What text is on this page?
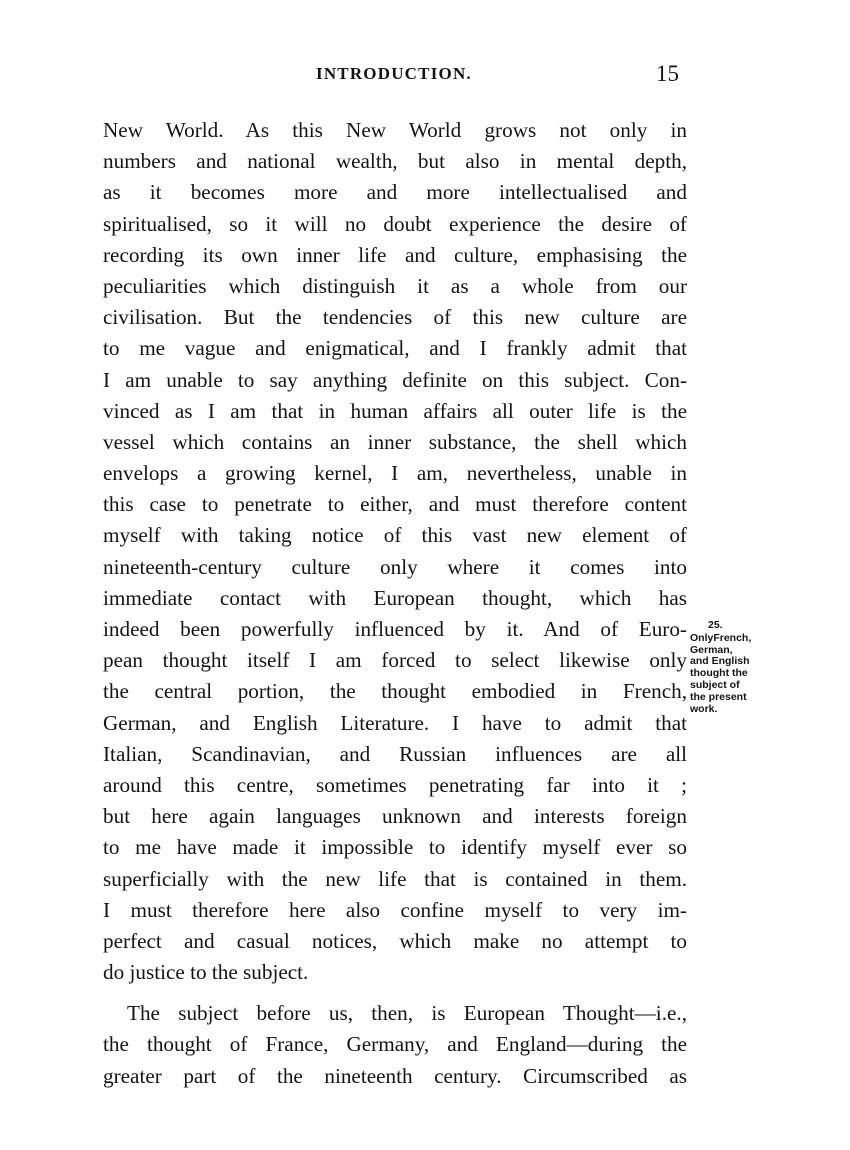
INTRODUCTION.	15
New World. As this New World grows not only in
numbers and national wealth, but also in mental depth,
as it becomes more and more intellectualised and
spiritualised, so it will no doubt experience the desire of
recording its own inner life and culture, emphasising the
peculiarities which distinguish it as a whole from our
civilisation. But the tendencies of this new culture are
to me vague and enigmatical, and I frankly admit that
I am unable to say anything definite on this subject. Con-
vinced as I am that in human affairs all outer life is the
vessel which contains an inner substance, the shell which
envelops a growing kernel, I am, nevertheless, unable in
this case to penetrate to either, and must therefore content
myself with taking notice of this vast new element of
nineteenth-century culture only where it comes into
immediate contact with European thought, which has
indeed been powerfully influenced by it. And of Euro-
pean thought itself I am forced to select likewise only
the central portion, the thought embodied in French,
German, and English Literature. I have to admit that
Italian, Scandinavian, and Russian influences are all
around this centre, sometimes penetrating far into it ;
but here again languages unknown and interests foreign
to me have made it impossible to identify myself ever so
superficially with the new life that is contained in them.
I must therefore here also confine myself to very im-
perfect and casual notices, which make no attempt to
do justice to the subject.
The subject before us, then, is European Thought—i.e.,
the thought of France, Germany, and England—during the
greater part of the nineteenth century. Circumscribed as
25.
OnlyFrench,
German,
and English
thought the
subject of
the present
work.
